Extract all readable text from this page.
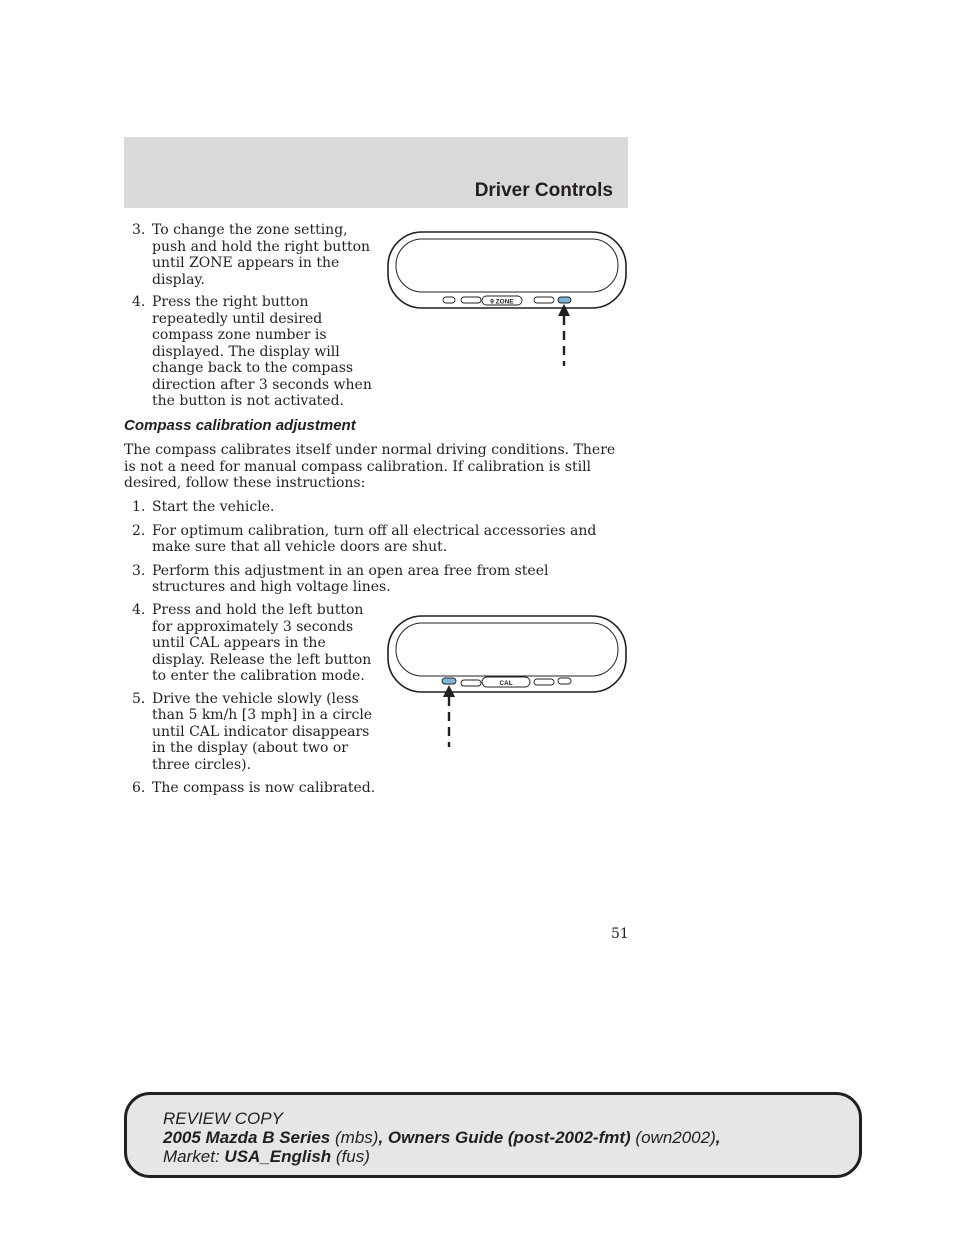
Driver Controls
3. To change the zone setting, push and hold the right button until ZONE appears in the display.
4. Press the right button repeatedly until desired compass zone number is displayed. The display will change back to the compass direction after 3 seconds when the button is not activated.
9 ZONE
Compass calibration adjustment
The compass calibrates itself under normal driving conditions. There is not a need for manual compass calibration. If calibration is still desired, follow these instructions:
1. Start the vehicle.
2. For optimum calibration, turn off all electrical accessories and make sure that all vehicle doors are shut.
3. Perform this adjustment in an open area free from steel structures and high voltage lines.
4. Press and hold the left button for approximately 3 seconds until CAL appears in the display. Release the left button to enter the calibration mode.
5. Drive the vehicle slowly (less than 5 km/h [3 mph] in a circle until CAL indicator disappears in the display (about two or three circles).
6. The compass is now calibrated.
CAL
51
REVIEW COPY
2005 Mazda B Series (mbs), Owners Guide (post-2002-fmt) (own2002),
Market: USA_English (fus)
